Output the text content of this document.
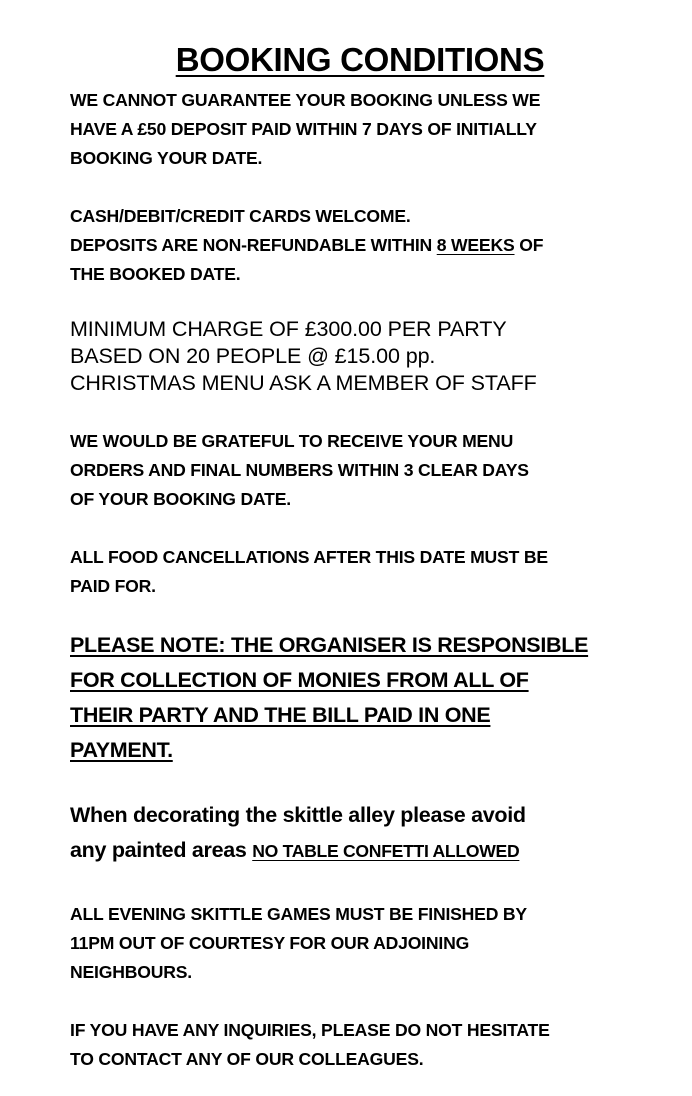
BOOKING CONDITIONS
WE CANNOT GUARANTEE YOUR BOOKING UNLESS WE
HAVE A £50 DEPOSIT PAID WITHIN 7 DAYS OF INITIALLY
BOOKING YOUR DATE.
CASH/DEBIT/CREDIT CARDS WELCOME.
DEPOSITS ARE NON-REFUNDABLE WITHIN 8 WEEKS OF
THE BOOKED DATE.
MINIMUM CHARGE OF £300.00 PER PARTY
BASED ON 20 PEOPLE @ £15.00 pp.
CHRISTMAS MENU ASK A MEMBER OF STAFF
WE WOULD BE GRATEFUL TO RECEIVE YOUR MENU
ORDERS AND FINAL NUMBERS WITHIN 3 CLEAR DAYS
OF YOUR BOOKING DATE.
ALL FOOD CANCELLATIONS AFTER THIS DATE MUST BE
PAID FOR.
PLEASE NOTE: THE ORGANISER IS RESPONSIBLE
FOR COLLECTION OF MONIES FROM ALL OF
THEIR PARTY AND THE BILL PAID IN ONE
PAYMENT.
When decorating the skittle alley please avoid
any painted areas NO TABLE CONFETTI ALLOWED
ALL EVENING SKITTLE GAMES MUST BE FINISHED BY
11PM OUT OF COURTESY FOR OUR ADJOINING
NEIGHBOURS.
IF YOU HAVE ANY INQUIRIES, PLEASE DO NOT HESITATE
TO CONTACT ANY OF OUR COLLEAGUES.
